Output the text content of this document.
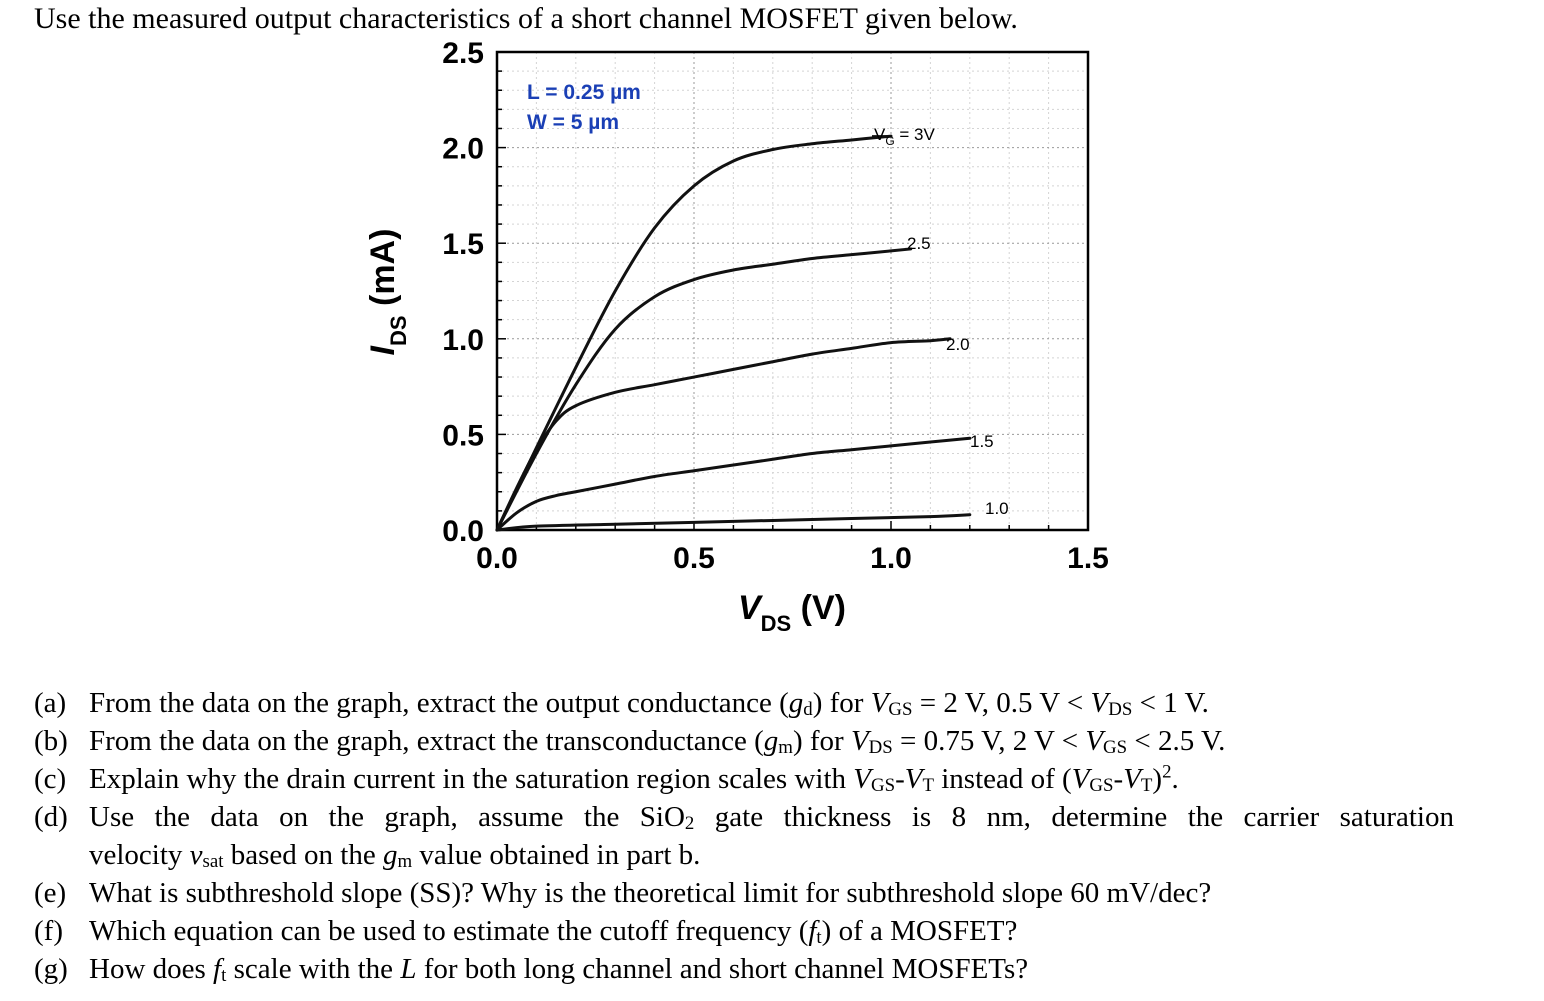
Use the measured output characteristics of a short channel MOSFET given below.
$V_G = 3V$
2.5
2.0
1.5
1.0
0.0	0.5	1.0	1.5
0.0
0.5
1.0
1.5
2.0
2.5
L = 0.25 µm
W = 5 µm
$V_{DS}$ (V)
$I_{DS}$ (mA)
(a) From the data on the graph, extract the output conductance $(g_d)$ for $V_{GS} = 2$ V, 0.5 $V < V_{DS} < 1$ V.
(b) From the data on the graph, extract the transconductance $(g_m)$ for $V_{DS} = 0.75$ V, 2 $V < V_{GS} < 2.5$ V.
(c) Explain why the drain current in the saturation region scales with $V_{GS}-V_T$ instead of $(V_{GS}-V_T)^2$.
(d) Use the data on the graph, assume the SiO$_2$ gate thickness is 8 nm, determine the carrier saturation
velocity $v_{sat}$ based on the $g_m$ value obtained in part b.
(e) What is subthreshold slope (SS)? Why is the theoretical limit for subthreshold slope 60 mV/dec?
(f) Which equation can be used to estimate the cutoff frequency $(f_t)$ of a MOSFET?
(g) How does $f_t$ scale with the L for both long channel and short channel MOSFETs?
